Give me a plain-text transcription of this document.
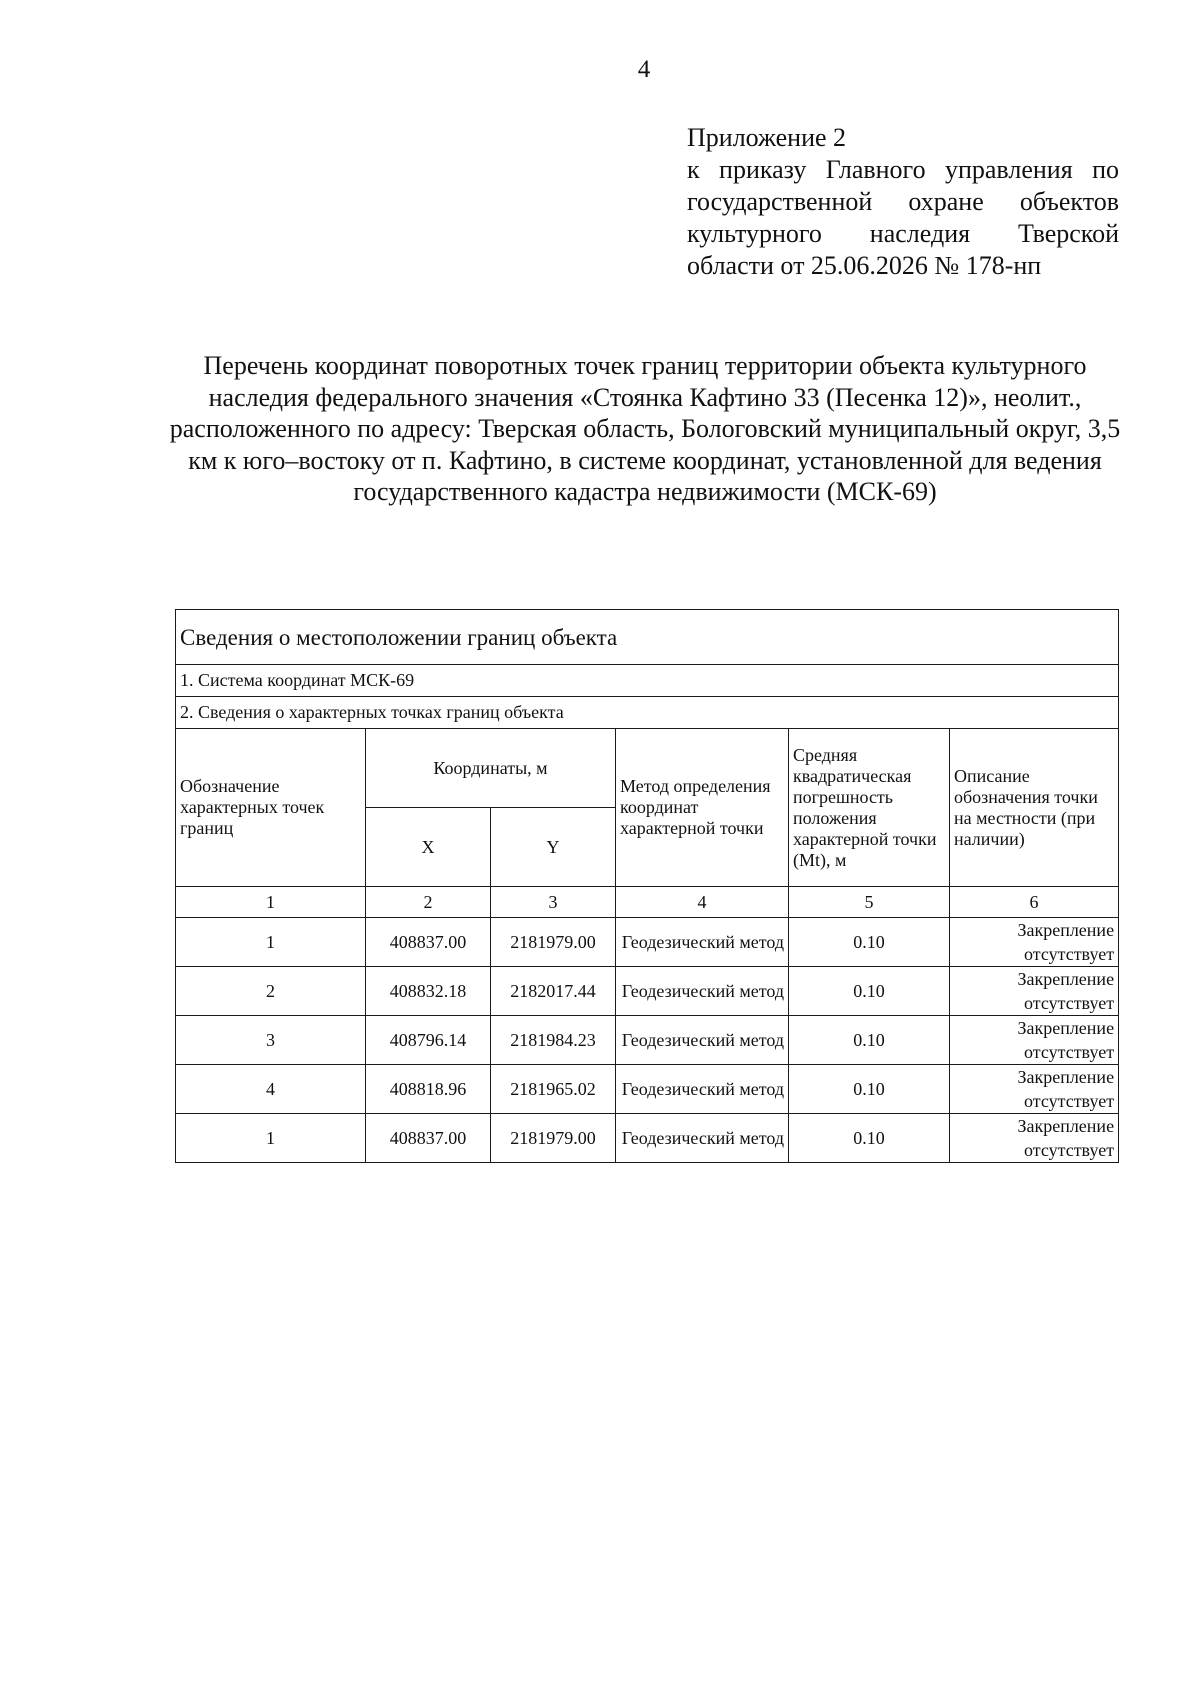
4
Приложение 2
к приказу Главного управления по государственной охране объектов культурного наследия Тверской области от 25.06.2026 № 178-нп
Перечень координат поворотных точек границ территории объекта культурного наследия федерального значения «Стоянка Кафтино 33 (Песенка 12)», неолит., расположенного по адресу: Тверская область, Бологовский муниципальный округ, 3,5 км к юго–востоку от п. Кафтино, в системе координат, установленной для ведения государственного кадастра недвижимости (МСК-69)
Сведения о местоположении границ объекта					
1. Система координат МСК-69					
2. Сведения о характерных точках границ объекта					
Обозначение характерных точек границ	Координаты, м		Метод определения координат характерной точки	Средняя квадратическая погрешность положения характерной точки (Mt), м	Описание обозначения точки на местности (при наличии)
	X	Y			
1	2	3	4	5	6
1	408837.00	2181979.00	Геодезический метод	0.10	Закрепление отсутствует
2	408832.18	2182017.44	Геодезический метод	0.10	Закрепление отсутствует
3	408796.14	2181984.23	Геодезический метод	0.10	Закрепление отсутствует
4	408818.96	2181965.02	Геодезический метод	0.10	Закрепление отсутствует
1	408837.00	2181979.00	Геодезический метод	0.10	Закрепление отсутствует
